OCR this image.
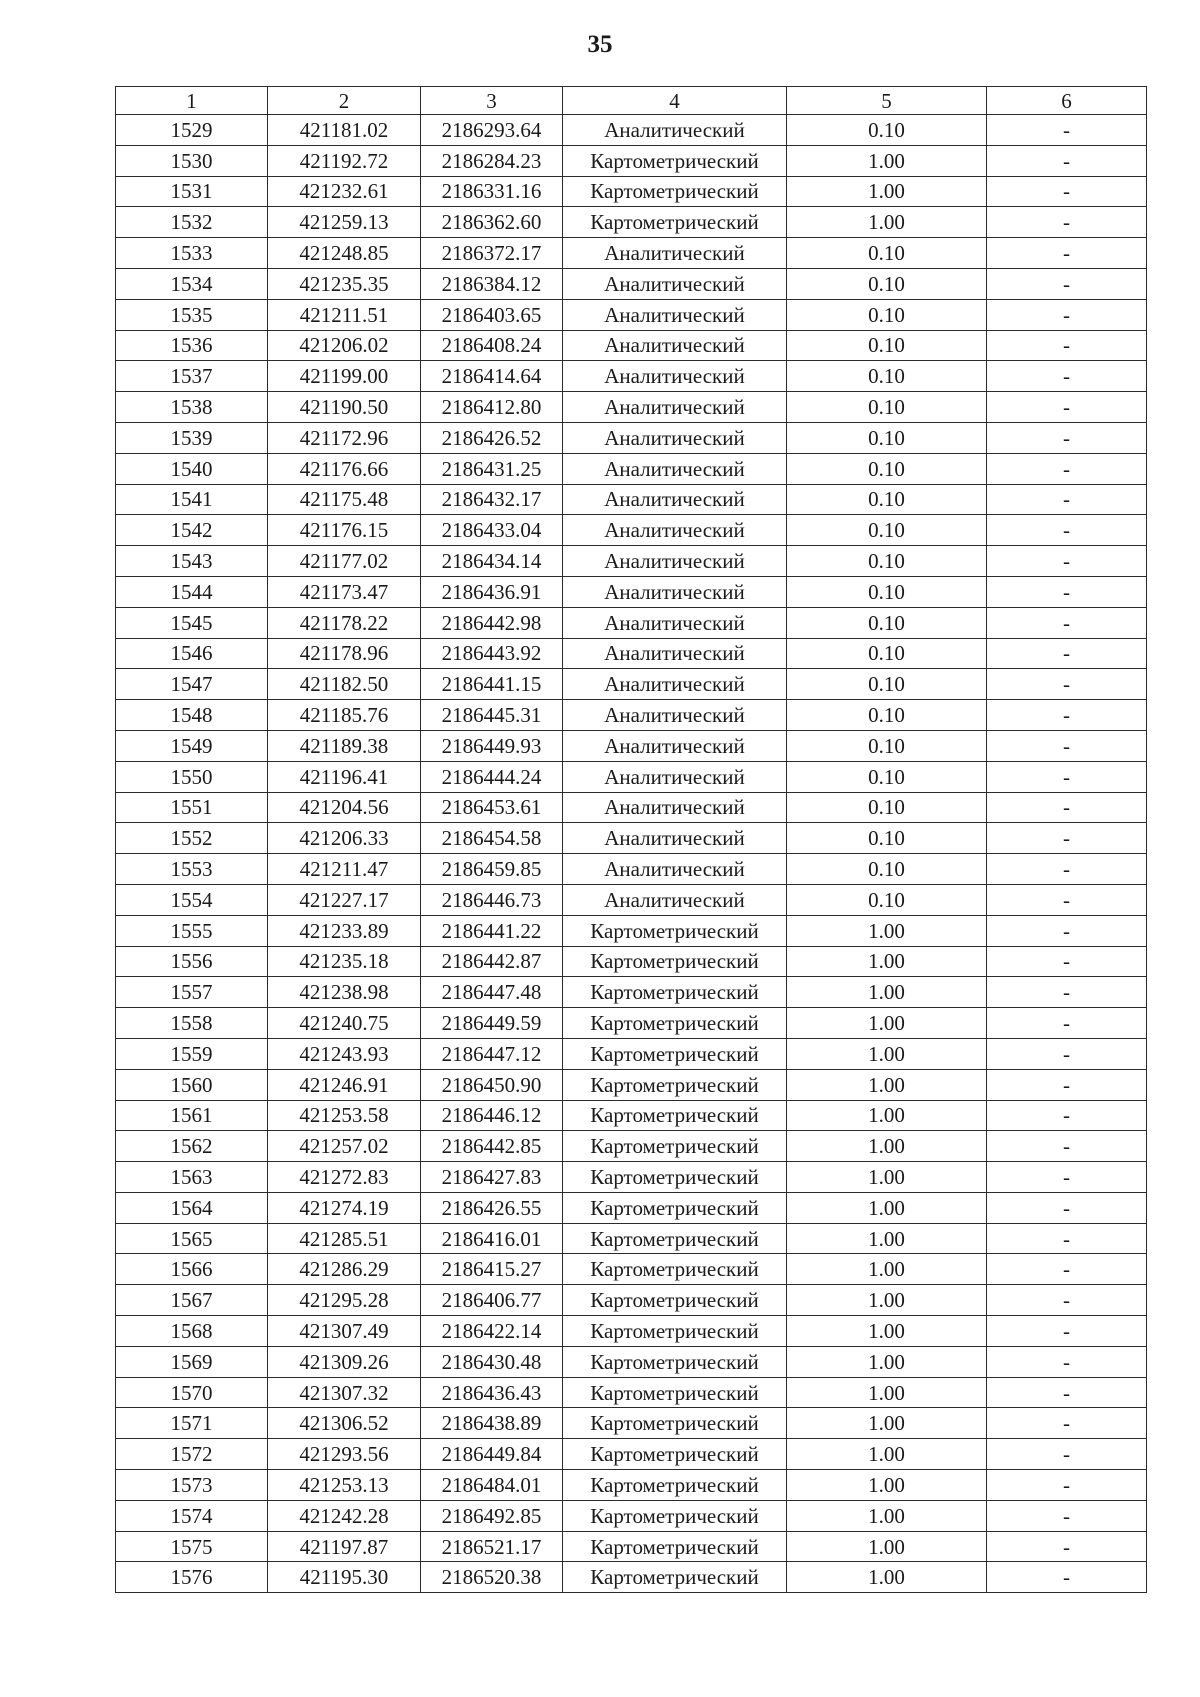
35
1	2	3	4	5	6
1529	421181.02	2186293.64	Аналитический	0.10	-
1530	421192.72	2186284.23	Картометрический	1.00	-
1531	421232.61	2186331.16	Картометрический	1.00	-
1532	421259.13	2186362.60	Картометрический	1.00	-
1533	421248.85	2186372.17	Аналитический	0.10	-
1534	421235.35	2186384.12	Аналитический	0.10	-
1535	421211.51	2186403.65	Аналитический	0.10	-
1536	421206.02	2186408.24	Аналитический	0.10	-
1537	421199.00	2186414.64	Аналитический	0.10	-
1538	421190.50	2186412.80	Аналитический	0.10	-
1539	421172.96	2186426.52	Аналитический	0.10	-
1540	421176.66	2186431.25	Аналитический	0.10	-
1541	421175.48	2186432.17	Аналитический	0.10	-
1542	421176.15	2186433.04	Аналитический	0.10	-
1543	421177.02	2186434.14	Аналитический	0.10	-
1544	421173.47	2186436.91	Аналитический	0.10	-
1545	421178.22	2186442.98	Аналитический	0.10	-
1546	421178.96	2186443.92	Аналитический	0.10	-
1547	421182.50	2186441.15	Аналитический	0.10	-
1548	421185.76	2186445.31	Аналитический	0.10	-
1549	421189.38	2186449.93	Аналитический	0.10	-
1550	421196.41	2186444.24	Аналитический	0.10	-
1551	421204.56	2186453.61	Аналитический	0.10	-
1552	421206.33	2186454.58	Аналитический	0.10	-
1553	421211.47	2186459.85	Аналитический	0.10	-
1554	421227.17	2186446.73	Аналитический	0.10	-
1555	421233.89	2186441.22	Картометрический	1.00	-
1556	421235.18	2186442.87	Картометрический	1.00	-
1557	421238.98	2186447.48	Картометрический	1.00	-
1558	421240.75	2186449.59	Картометрический	1.00	-
1559	421243.93	2186447.12	Картометрический	1.00	-
1560	421246.91	2186450.90	Картометрический	1.00	-
1561	421253.58	2186446.12	Картометрический	1.00	-
1562	421257.02	2186442.85	Картометрический	1.00	-
1563	421272.83	2186427.83	Картометрический	1.00	-
1564	421274.19	2186426.55	Картометрический	1.00	-
1565	421285.51	2186416.01	Картометрический	1.00	-
1566	421286.29	2186415.27	Картометрический	1.00	-
1567	421295.28	2186406.77	Картометрический	1.00	-
1568	421307.49	2186422.14	Картометрический	1.00	-
1569	421309.26	2186430.48	Картометрический	1.00	-
1570	421307.32	2186436.43	Картометрический	1.00	-
1571	421306.52	2186438.89	Картометрический	1.00	-
1572	421293.56	2186449.84	Картометрический	1.00	-
1573	421253.13	2186484.01	Картометрический	1.00	-
1574	421242.28	2186492.85	Картометрический	1.00	-
1575	421197.87	2186521.17	Картометрический	1.00	-
1576	421195.30	2186520.38	Картометрический	1.00	-
